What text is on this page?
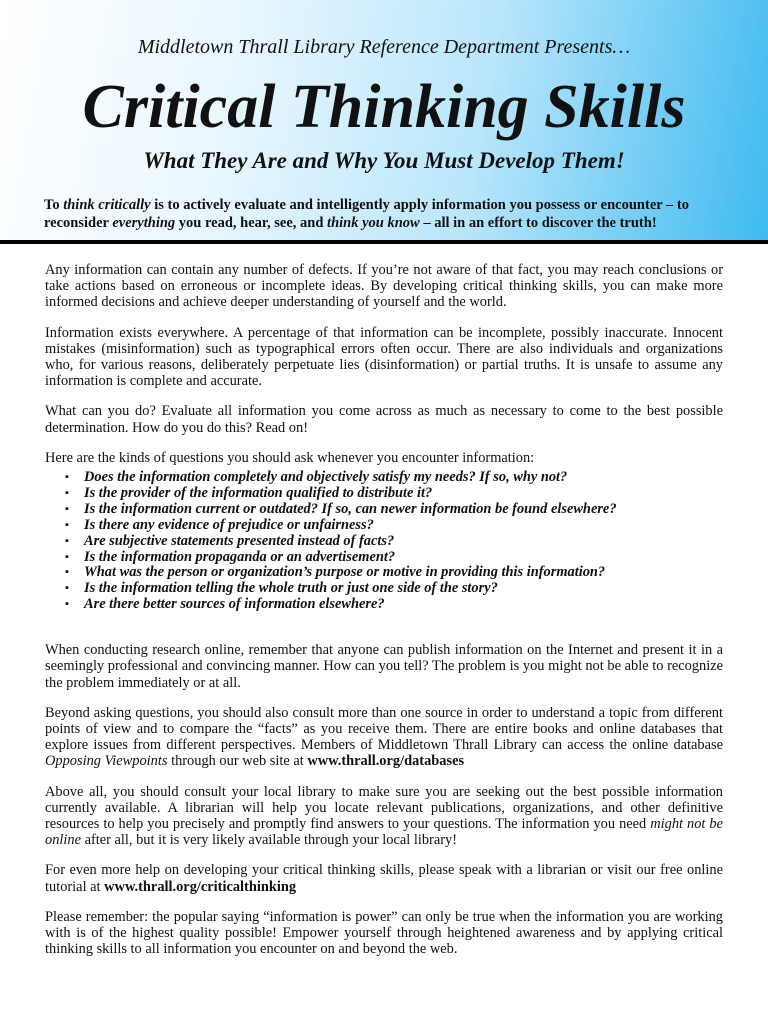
Middletown Thrall Library Reference Department Presents…
Critical Thinking Skills
What They Are and Why You Must Develop Them!
To think critically is to actively evaluate and intelligently apply information you possess or encounter – to reconsider everything you read, hear, see, and think you know – all in an effort to discover the truth!

Any information can contain any number of defects. If you’re not aware of that fact, you may reach conclusions or take actions based on erroneous or incomplete ideas. By developing critical thinking skills, you can make more informed decisions and achieve deeper understanding of yourself and the world.

Information exists everywhere. A percentage of that information can be incomplete, possibly inaccurate. Innocent mistakes (misinformation) such as typographical errors often occur. There are also individuals and organizations who, for various reasons, deliberately perpetuate lies (disinformation) or partial truths. It is unsafe to assume any information is complete and accurate.

What can you do? Evaluate all information you come across as much as necessary to come to the best possible determination. How do you do this? Read on!

Here are the kinds of questions you should ask whenever you encounter information:

▪ Does the information completely and objectively satisfy my needs? If so, why not?
▪ Is the provider of the information qualified to distribute it?
▪ Is the information current or outdated? If so, can newer information be found elsewhere?
▪ Is there any evidence of prejudice or unfairness?
▪ Are subjective statements presented instead of facts?
▪ Is the information propaganda or an advertisement?
▪ What was the person or organization’s purpose or motive in providing this information?
▪ Is the information telling the whole truth or just one side of the story?
▪ Are there better sources of information elsewhere?

When conducting research online, remember that anyone can publish information on the Internet and present it in a seemingly professional and convincing manner. How can you tell? The problem is you might not be able to recognize the problem immediately or at all.

Beyond asking questions, you should also consult more than one source in order to understand a topic from different points of view and to compare the “facts” as you receive them. There are entire books and online databases that explore issues from different perspectives. Members of Middletown Thrall Library can access the online database Opposing Viewpoints through our web site at www.thrall.org/databases

Above all, you should consult your local library to make sure you are seeking out the best possible information currently available. A librarian will help you locate relevant publications, organizations, and other definitive resources to help you precisely and promptly find answers to your questions. The information you need might not be online after all, but it is very likely available through your local library!

For even more help on developing your critical thinking skills, please speak with a librarian or visit our free online tutorial at www.thrall.org/criticalthinking

Please remember: the popular saying “information is power” can only be true when the information you are working with is of the highest quality possible! Empower yourself through heightened awareness and by applying critical thinking skills to all information you encounter on and beyond the web.
